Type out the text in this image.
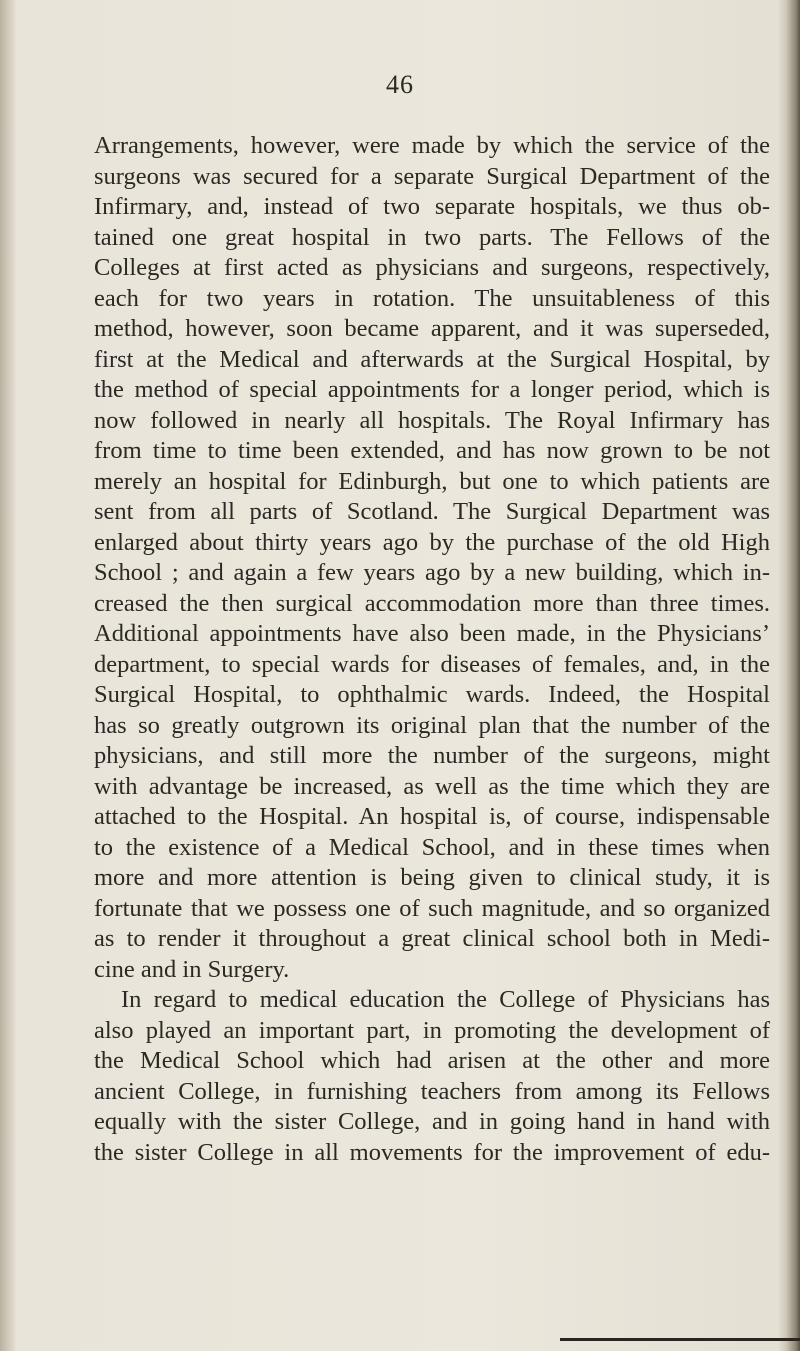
46
Arrangements, however, were made by which the service of the
surgeons was secured for a separate Surgical Department of the
Infirmary, and, instead of two separate hospitals, we thus ob-
tained one great hospital in two parts. The Fellows of the
Colleges at first acted as physicians and surgeons, respectively,
each for two years in rotation. The unsuitableness of this
method, however, soon became apparent, and it was superseded,
first at the Medical and afterwards at the Surgical Hospital, by
the method of special appointments for a longer period, which is
now followed in nearly all hospitals. The Royal Infirmary has
from time to time been extended, and has now grown to be not
merely an hospital for Edinburgh, but one to which patients are
sent from all parts of Scotland. The Surgical Department was
enlarged about thirty years ago by the purchase of the old High
School ; and again a few years ago by a new building, which in-
creased the then surgical accommodation more than three times.
Additional appointments have also been made, in the Physicians’
department, to special wards for diseases of females, and, in the
Surgical Hospital, to ophthalmic wards. Indeed, the Hospital
has so greatly outgrown its original plan that the number of the
physicians, and still more the number of the surgeons, might
with advantage be increased, as well as the time which they are
attached to the Hospital. An hospital is, of course, indispensable
to the existence of a Medical School, and in these times when
more and more attention is being given to clinical study, it is
fortunate that we possess one of such magnitude, and so organized
as to render it throughout a great clinical school both in Medi-
cine and in Surgery.
In regard to medical education the College of Physicians has
also played an important part, in promoting the development of
the Medical School which had arisen at the other and more
ancient College, in furnishing teachers from among its Fellows
equally with the sister College, and in going hand in hand with
the sister College in all movements for the improvement of edu-
